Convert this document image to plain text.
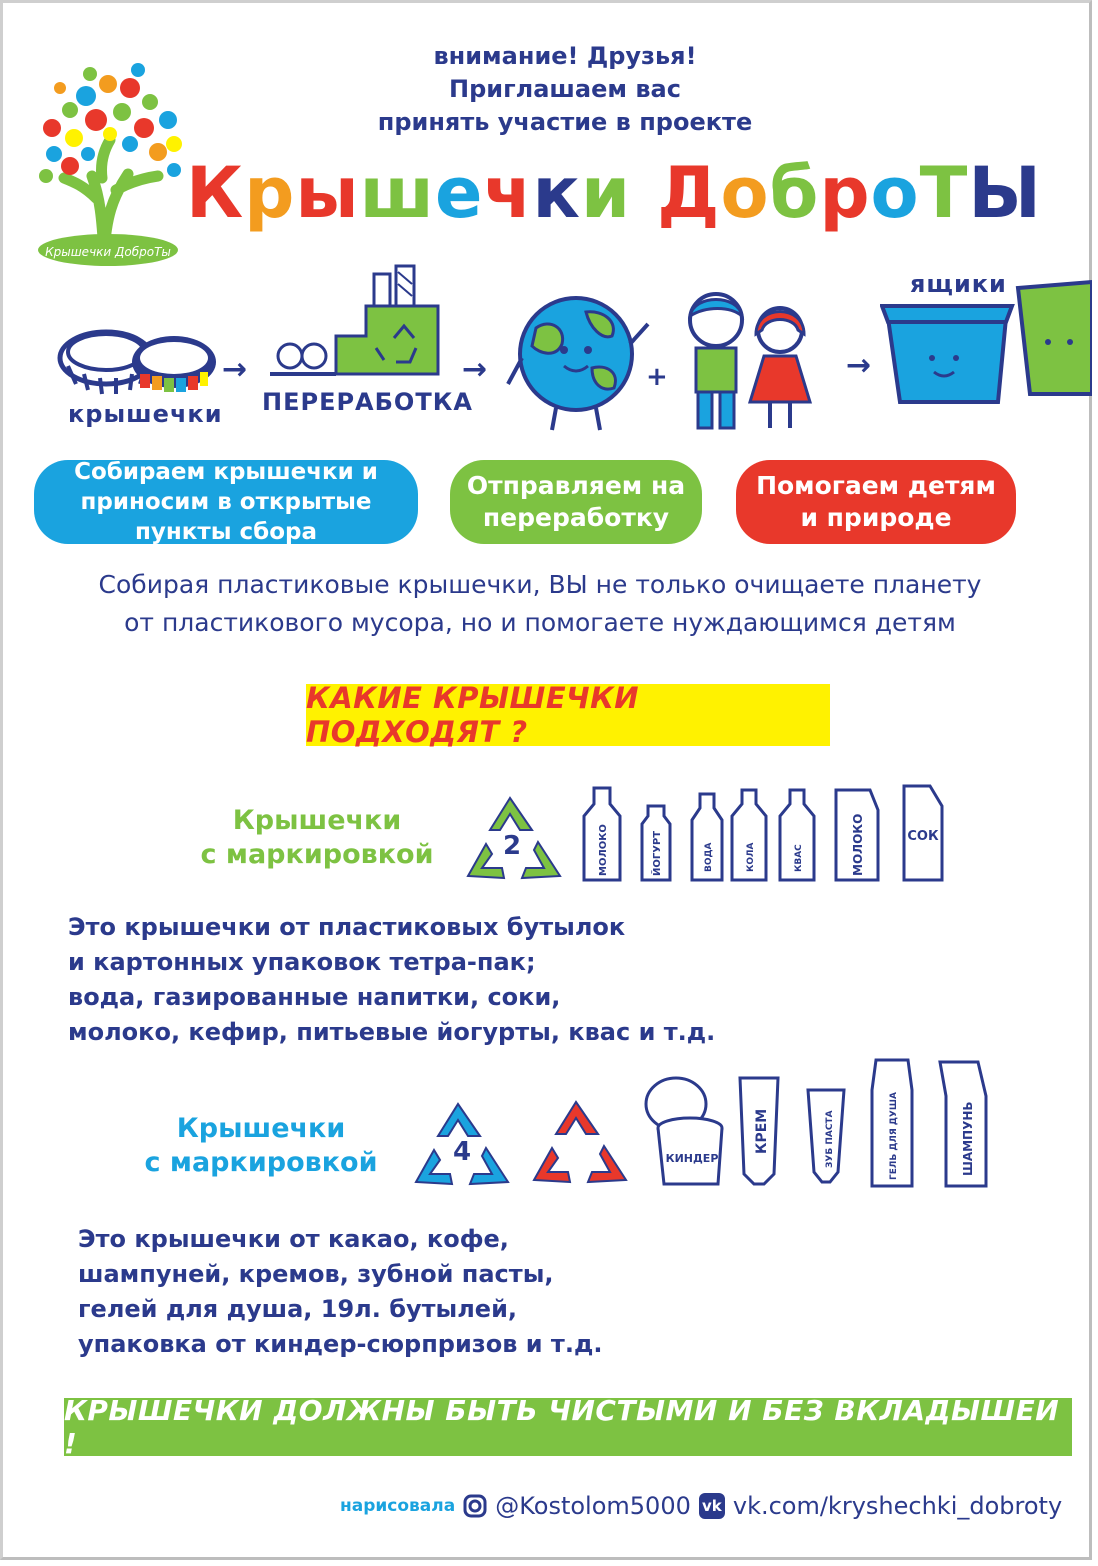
Крышечки ДоброТы
внимание! Друзья!
Приглашаем вас
принять участие в проекте
Крышечки ДоброТЫ
крышечки
→
ПЕРЕРАБОТКА
→	+	→
ящики
Собираем крышечки и приносим в открытые пункты сбора
Отправляем на переработку
Помогаем детям и природе
Собирая пластиковые крышечки, ВЫ не только очищаете планету
от пластикового мусора, но и помогаете нуждающимся детям
КАКИЕ КРЫШЕЧКИ ПОДХОДЯТ ?
Крышечки
с маркировкой	2	МОЛОКО	ЙОГУРТ	ВОДА	КОЛА	КВАС	МОЛОКО	СОК
Это крышечки от пластиковых бутылок
и картонных упаковок тетра-пак;
вода, газированные напитки, соки,
молоко, кефир, питьевые йогурты, квас и т.д.
Крышечки
с маркировкой	4	5	КИНДЕР
КРЕМ	ЗУБ ПАСТА	ГЕЛЬ ДЛЯ ДУША	ШАМПУНЬ
Это крышечки от какао, кофе,
шампуней, кремов, зубной пасты,
гелей для душа, 19л. бутылей,
упаковка от киндер-сюрпризов и т.д.
КРЫШЕЧКИ ДОЛЖНЫ БЫТЬ ЧИСТЫМИ И БЕЗ ВКЛАДЫШЕЙ !
нарисовала @Kostolom5000 vk vk.com/kryshechki_dobroty
